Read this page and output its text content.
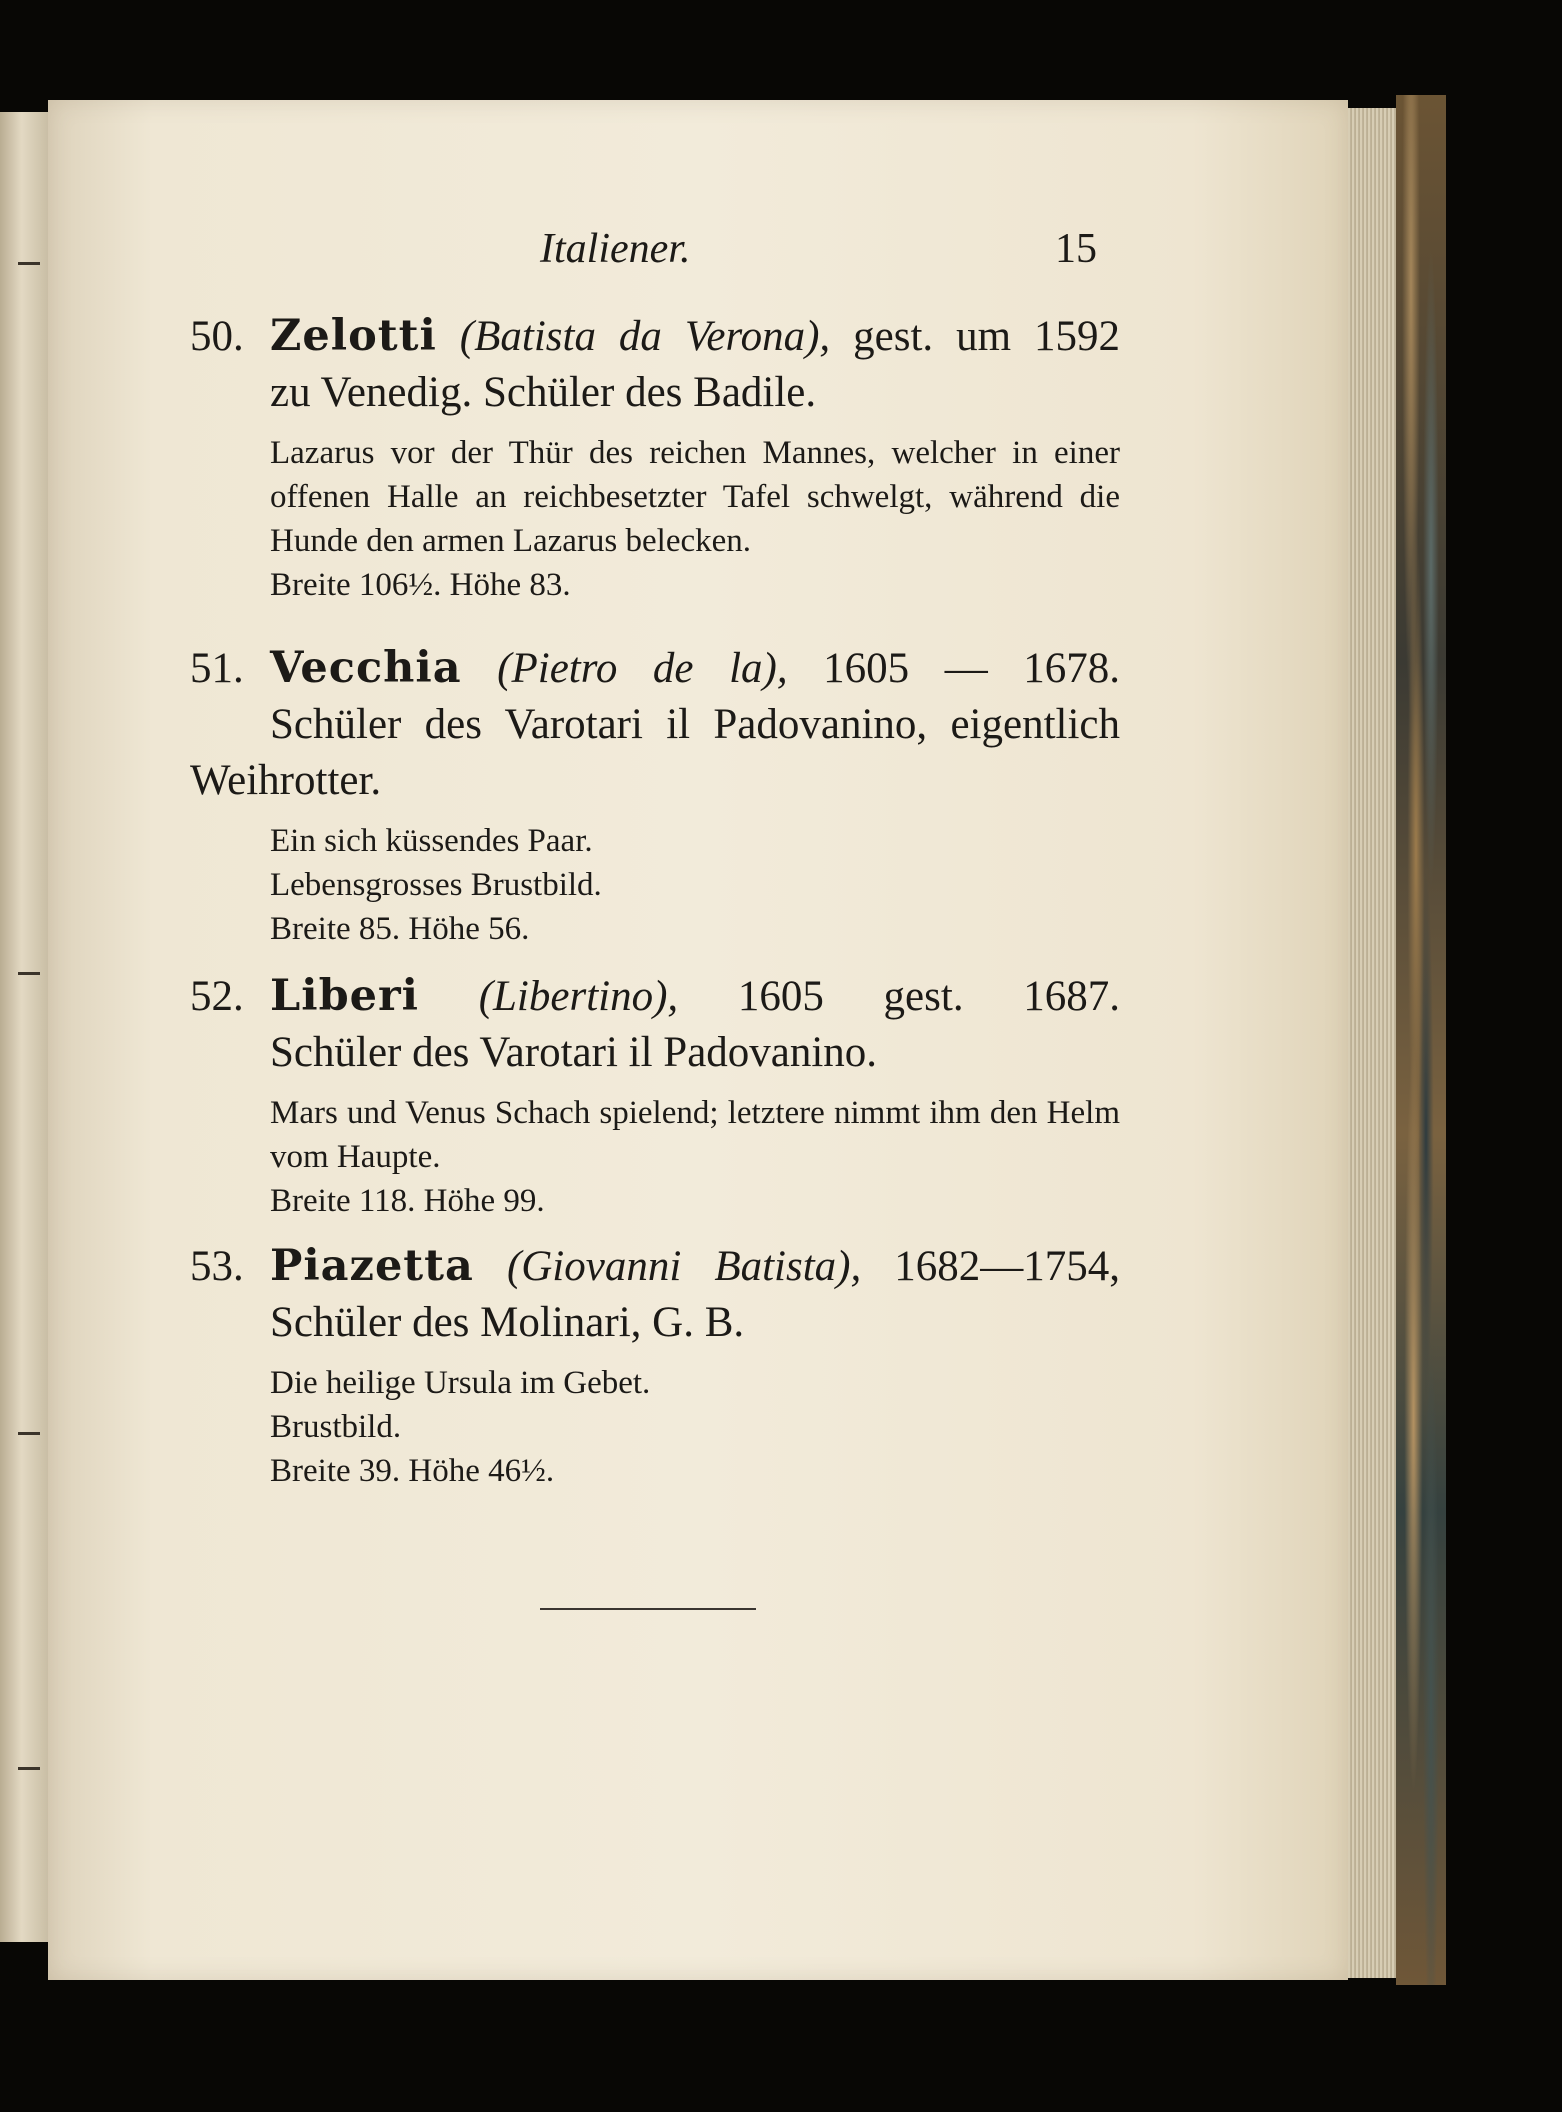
Italiener.	15

50. Zelotti (Batista da Verona), gest. um 1592 zu Venedig. Schüler des Badile.

Lazarus vor der Thür des reichen Mannes, welcher in einer offenen Halle an reichbesetzter Tafel schwelgt, während die Hunde den armen Lazarus belecken.

Breite 106½. Höhe 83.

51. Vecchia (Pietro de la), 1605 — 1678. Schüler des Varotari il Padovanino, eigentlich Weihrotter.

Ein sich küssendes Paar.

Lebensgrosses Brustbild.

Breite 85. Höhe 56.

52. Liberi (Libertino), 1605 gest. 1687. Schüler des Varotari il Padovanino.

Mars und Venus Schach spielend; letztere nimmt ihm den Helm vom Haupte.

Breite 118. Höhe 99.

53. Piazetta (Giovanni Batista), 1682—1754, Schüler des Molinari, G. B.

Die heilige Ursula im Gebet.

Brustbild.

Breite 39. Höhe 46½.
